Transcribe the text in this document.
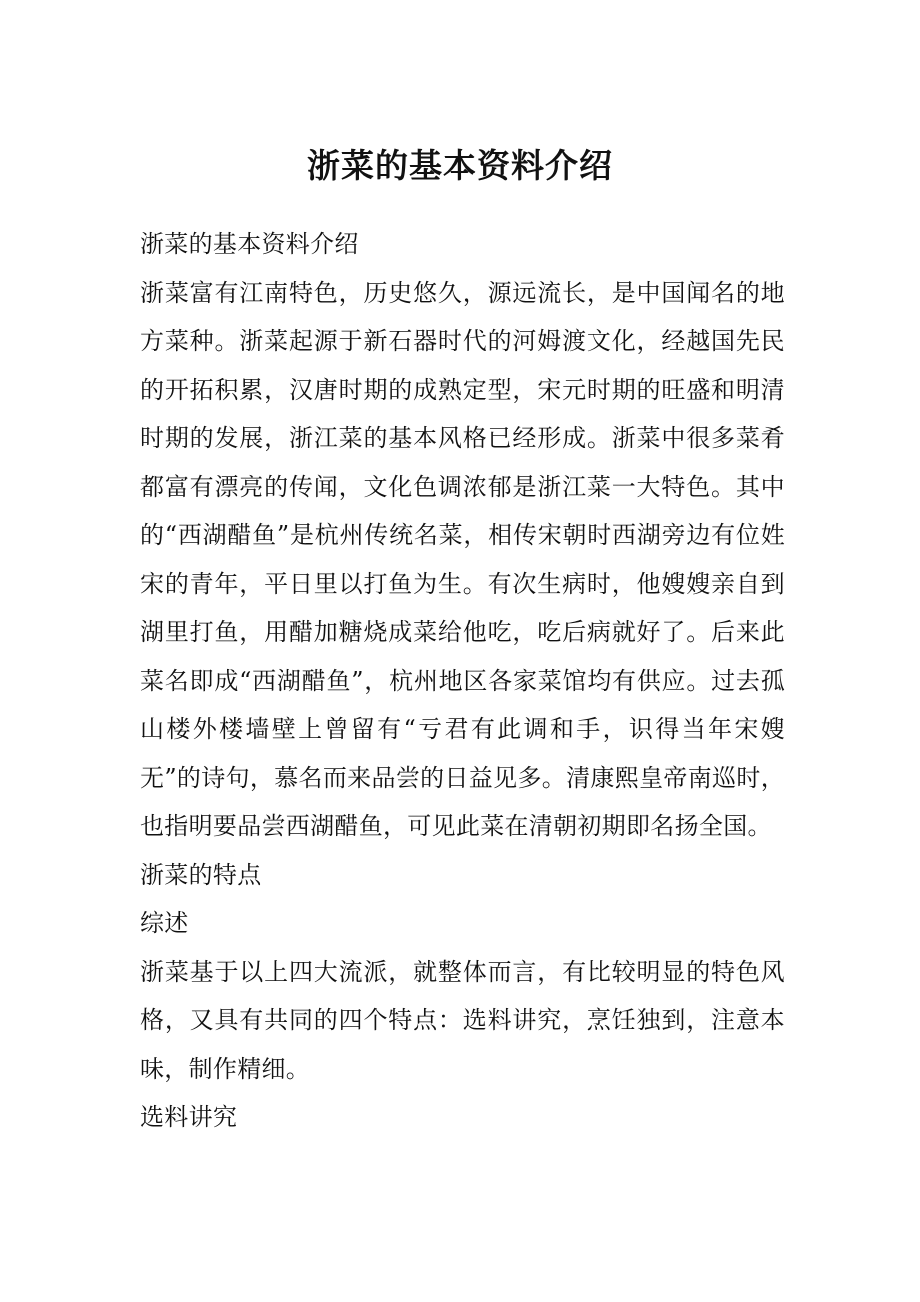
浙菜的基本资料介绍

浙菜的基本资料介绍

浙菜富有江南特色，历史悠久，源远流长，是中国闻名的地方菜种。浙菜起源于新石器时代的河姆渡文化，经越国先民的开拓积累，汉唐时期的成熟定型，宋元时期的旺盛和明清时期的发展，浙江菜的基本风格已经形成。浙菜中很多菜肴都富有漂亮的传闻，文化色调浓郁是浙江菜一大特色。其中的“西湖醋鱼”是杭州传统名菜，相传宋朝时西湖旁边有位姓宋的青年，平日里以打鱼为生。有次生病时，他嫂嫂亲自到湖里打鱼，用醋加糖烧成菜给他吃，吃后病就好了。后来此菜名即成“西湖醋鱼”，杭州地区各家菜馆均有供应。过去孤山楼外楼墙壁上曾留有“亏君有此调和手，识得当年宋嫂无”的诗句，慕名而来品尝的日益见多。清康熙皇帝南巡时，也指明要品尝西湖醋鱼，可见此菜在清朝初期即名扬全国。

浙菜的特点

综述

浙菜基于以上四大流派，就整体而言，有比较明显的特色风格，又具有共同的四个特点：选料讲究，烹饪独到，注意本味，制作精细。

选料讲究
